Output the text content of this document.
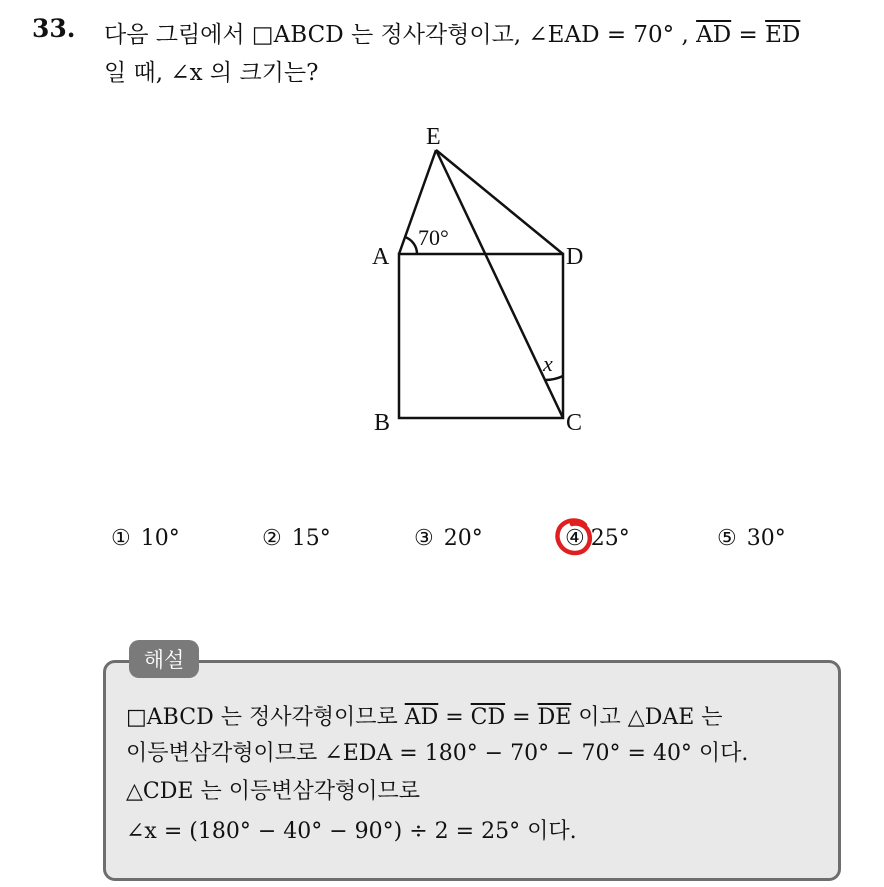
33. 다음 그림에서 □ABCD 는 정사각형이고, ∠EAD = 70° , $\overline{AD} = \overline{ED}$
일 때, ∠x 의 크기는?
E
A	D
B	C
70°
x
① 10°	② 15°	③ 20°	④ 25°	⑤ 30°
해설
□ABCD 는 정사각형이므로 $\overline{AD} = \overline{CD} = \overline{DE}$ 이고 △DAE 는
이등변삼각형이므로 ∠EDA = 180° − 70° − 70° = 40° 이다.
△CDE 는 이등변삼각형이므로
∠x = (180° − 40° − 90°) ÷ 2 = 25° 이다.
